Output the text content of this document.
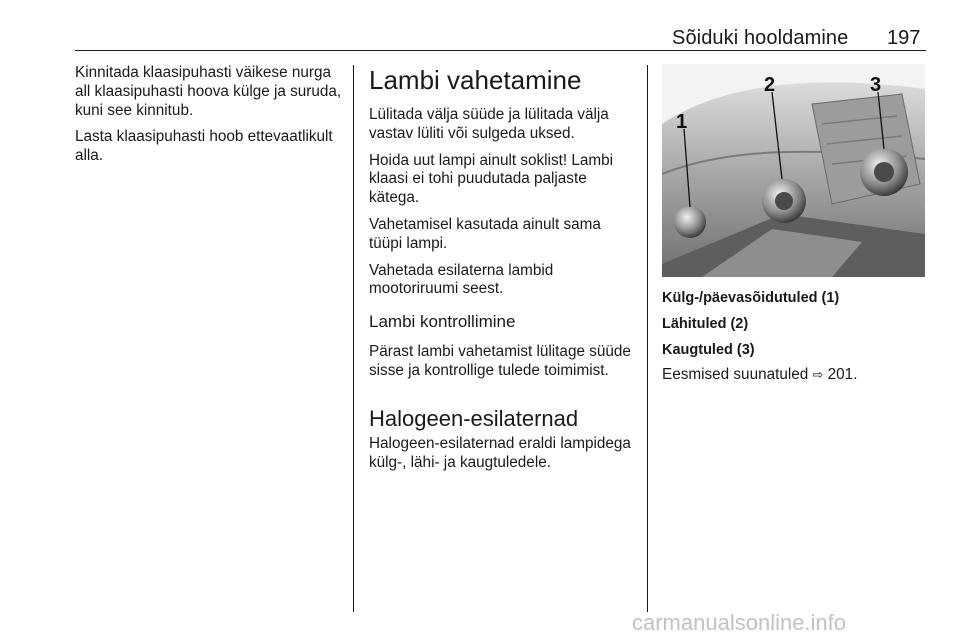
Sõiduki hooldamine 197

Kinnitada klaasipuhasti väikese nurga all klaasipuhasti hoova külge ja suruda, kuni see kinnitub.

Lasta klaasipuhasti hoob ettevaatlikult alla.

Lambi vahetamine

Lülitada välja süüde ja lülitada välja vastav lüliti või sulgeda uksed.

Hoida uut lampi ainult soklist! Lambi klaasi ei tohi puudutada paljaste kätega.

Vahetamisel kasutada ainult sama tüüpi lampi.

Vahetada esilaterna lambid mootoriruumi seest.

Lambi kontrollimine

Pärast lambi vahetamist lülitage süüde sisse ja kontrollige tulede toimimist.

Halogeen-esilaternad

Halogeen-esilaternad eraldi lampidega külg-, lähi- ja kaugtuledele.

1
2	3

Külg-/päevasõidutuled (1)

Lähituled (2)

Kaugtuled (3)

Eesmised suunatuled ⇨ 201.

carmanualsonline.info
